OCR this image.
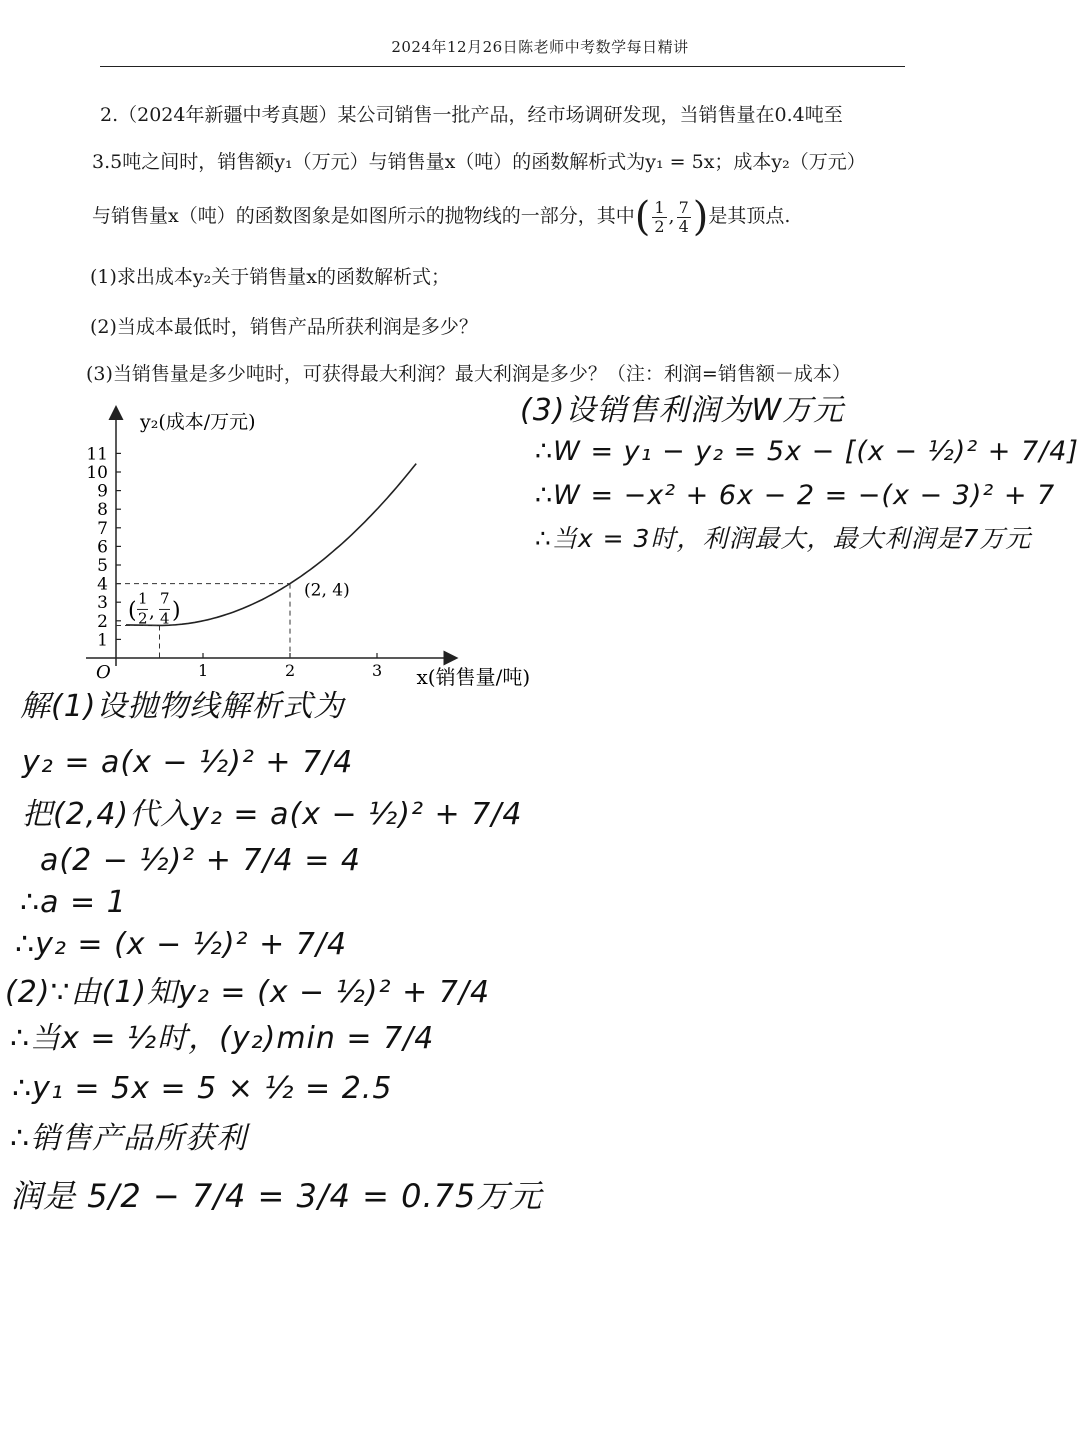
2024年12月26日陈老师中考数学每日精讲
2.（2024年新疆中考真题）某公司销售一批产品，经市场调研发现，当销售量在0.4吨至
3.5吨之间时，销售额y₁（万元）与销售量x（吨）的函数解析式为y₁ = 5x；成本y₂（万元）
与销售量x（吨）的函数图象是如图所示的抛物线的一部分，其中( $\frac{1}{2}$ , $\frac{7}{4}$ )是其顶点.
(1)求出成本y₂关于销售量x的函数解析式；
(2)当成本最低时，销售产品所获利润是多少？
(3)当销售量是多少吨时，可获得最大利润？最大利润是多少？（注：利润=销售额－成本）
y₂(成本/万元)
x(销售量/吨)
O	1	2	3
1
2
3
4
5
6
7
8
9
10
11
( 1
2 ,
7
4 )
(2, 4)
(3)设销售利润为W万元
∴W = y₁ − y₂ = 5x − [(x − ½)² + 7/4]
∴W = −x² + 6x − 2 = −(x − 3)² + 7
∴当x = 3时，利润最大，最大利润是7万元
解(1)设抛物线解析式为
y₂ = a(x − ½)² + 7/4
把(2,4)代入y₂ = a(x − ½)² + 7/4
a(2 − ½)² + 7/4 = 4
∴a = 1
∴y₂ = (x − ½)² + 7/4
(2)∵由(1)知y₂ = (x − ½)² + 7/4
∴当x = ½时，(y₂)min = 7/4
∴y₁ = 5x = 5 × ½ = 2.5
∴销售产品所获利
润是 5/2 − 7/4 = 3/4 = 0.75万元
